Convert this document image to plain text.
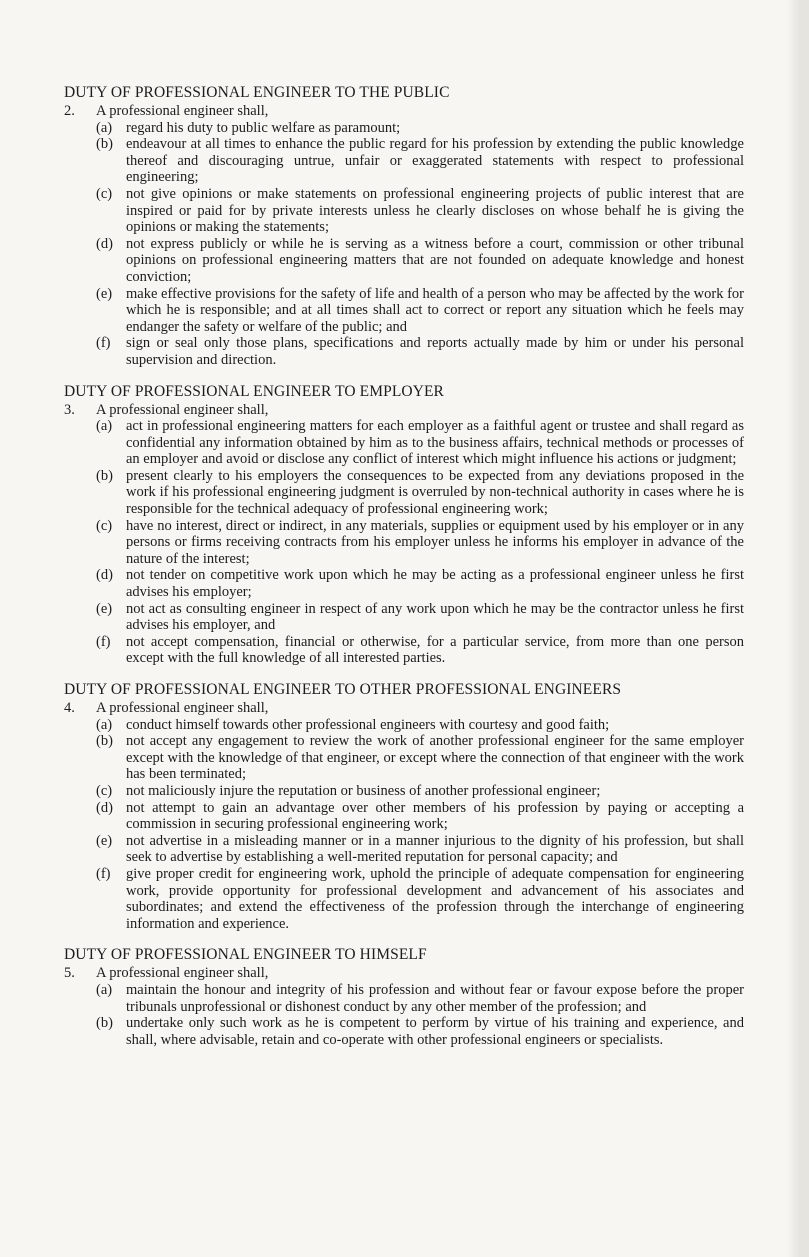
DUTY OF PROFESSIONAL ENGINEER TO THE PUBLIC
2.	A professional engineer shall,
(a) regard his duty to public welfare as paramount;
(b) endeavour at all times to enhance the public regard for his profession by extending the public knowledge thereof and discouraging untrue, unfair or exaggerated statements with respect to professional engineering;
(c) not give opinions or make statements on professional engineering projects of public interest that are inspired or paid for by private interests unless he clearly discloses on whose behalf he is giving the opinions or making the statements;
(d) not express publicly or while he is serving as a witness before a court, commission or other tribunal opinions on professional engineering matters that are not founded on adequate knowledge and honest conviction;
(e) make effective provisions for the safety of life and health of a person who may be affected by the work for which he is responsible; and at all times shall act to correct or report any situation which he feels may endanger the safety or welfare of the public; and
(f)	sign or seal only those plans, specifications and reports actually made by him or under his personal supervision and direction.
DUTY OF PROFESSIONAL ENGINEER TO EMPLOYER
3.	A professional engineer shall,
(a) act in professional engineering matters for each employer as a faithful agent or trustee and shall regard as confidential any information obtained by him as to the business affairs, technical methods or processes of an employer and avoid or disclose any conflict of interest which might influence his actions or judgment;
(b) present clearly to his employers the consequences to be expected from any deviations proposed in the work if his professional engineering judgment is overruled by non-technical authority in cases where he is responsible for the technical adequacy of professional engineering work;
(c) have no interest, direct or indirect, in any materials, supplies or equipment used by his employer or in any persons or firms receiving contracts from his employer unless he informs his employer in advance of the nature of the interest;
(d) not tender on competitive work upon which he may be acting as a professional engineer unless he first advises his employer;
(e) not act as consulting engineer in respect of any work upon which he may be the contractor unless he first advises his employer, and
(f)	not accept compensation, financial or otherwise, for a particular service, from more than one person except with the full knowledge of all interested parties.
DUTY OF PROFESSIONAL ENGINEER TO OTHER PROFESSIONAL ENGINEERS
4.	A professional engineer shall,
(a) conduct himself towards other professional engineers with courtesy and good faith;
(b) not accept any engagement to review the work of another professional engineer for the same employer except with the knowledge of that engineer, or except where the connection of that engineer with the work has been terminated;
(c) not maliciously injure the reputation or business of another professional engineer;
(d) not attempt to gain an advantage over other members of his profession by paying or accepting a commission in securing professional engineering work;
(e) not advertise in a misleading manner or in a manner injurious to the dignity of his profession, but shall seek to advertise by establishing a well-merited reputation for personal capacity; and
(f)	give proper credit for engineering work, uphold the principle of adequate compensation for engineering work, provide opportunity for professional development and advancement of his associates and subordinates; and extend the effectiveness of the profession through the interchange of engineering information and experience.
DUTY OF PROFESSIONAL ENGINEER TO HIMSELF
5.	A professional engineer shall,
(a) maintain the honour and integrity of his profession and without fear or favour expose before the proper tribunals unprofessional or dishonest conduct by any other member of the profession; and
(b) undertake only such work as he is competent to perform by virtue of his training and experience, and shall, where advisable, retain and co-operate with other professional engineers or specialists.
